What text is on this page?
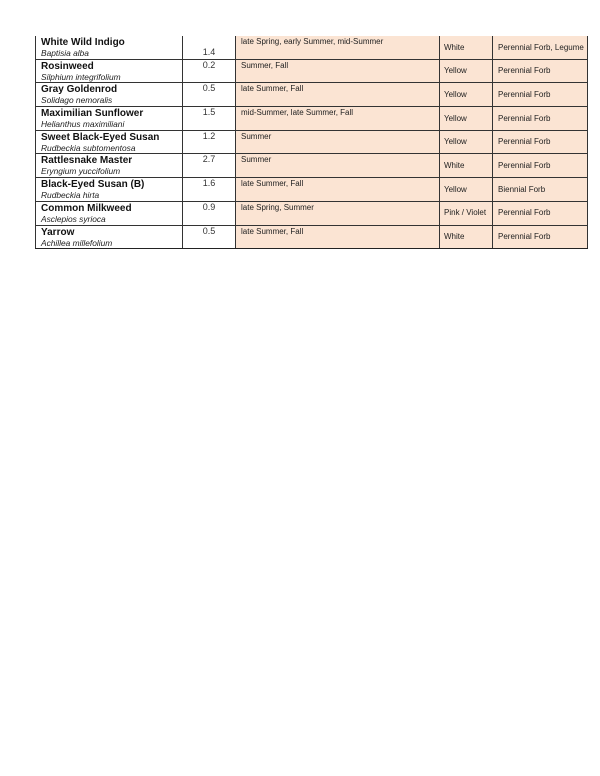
White Wild Indigo
Baptisia alba	1.4	late Spring, early Summer, mid-Summer	White	Perennial Forb, Legume

Rosinweed
Silphium integrifolium	0.2	Summer, Fall	Yellow	Perennial Forb

Gray Goldenrod
Solidago nemoralis	0.5	late Summer, Fall	Yellow	Perennial Forb

Maximilian Sunflower
Helianthus maximiliani	1.5	mid-Summer, late Summer, Fall	Yellow	Perennial Forb

Sweet Black-Eyed Susan
Rudbeckia subtomentosa	1.2	Summer	Yellow	Perennial Forb

Rattlesnake Master
Eryngium yuccifolium	2.7	Summer	White	Perennial Forb

Black-Eyed Susan (B)
Rudbeckia hirta	1.6	late Summer, Fall	Yellow	Biennial Forb

Common Milkweed
Asclepios syrioca	0.9	late Spring, Summer	Pink / Violet	Perennial Forb

Yarrow
Achillea millefolium	0.5	late Summer, Fall	White	Perennial Forb
